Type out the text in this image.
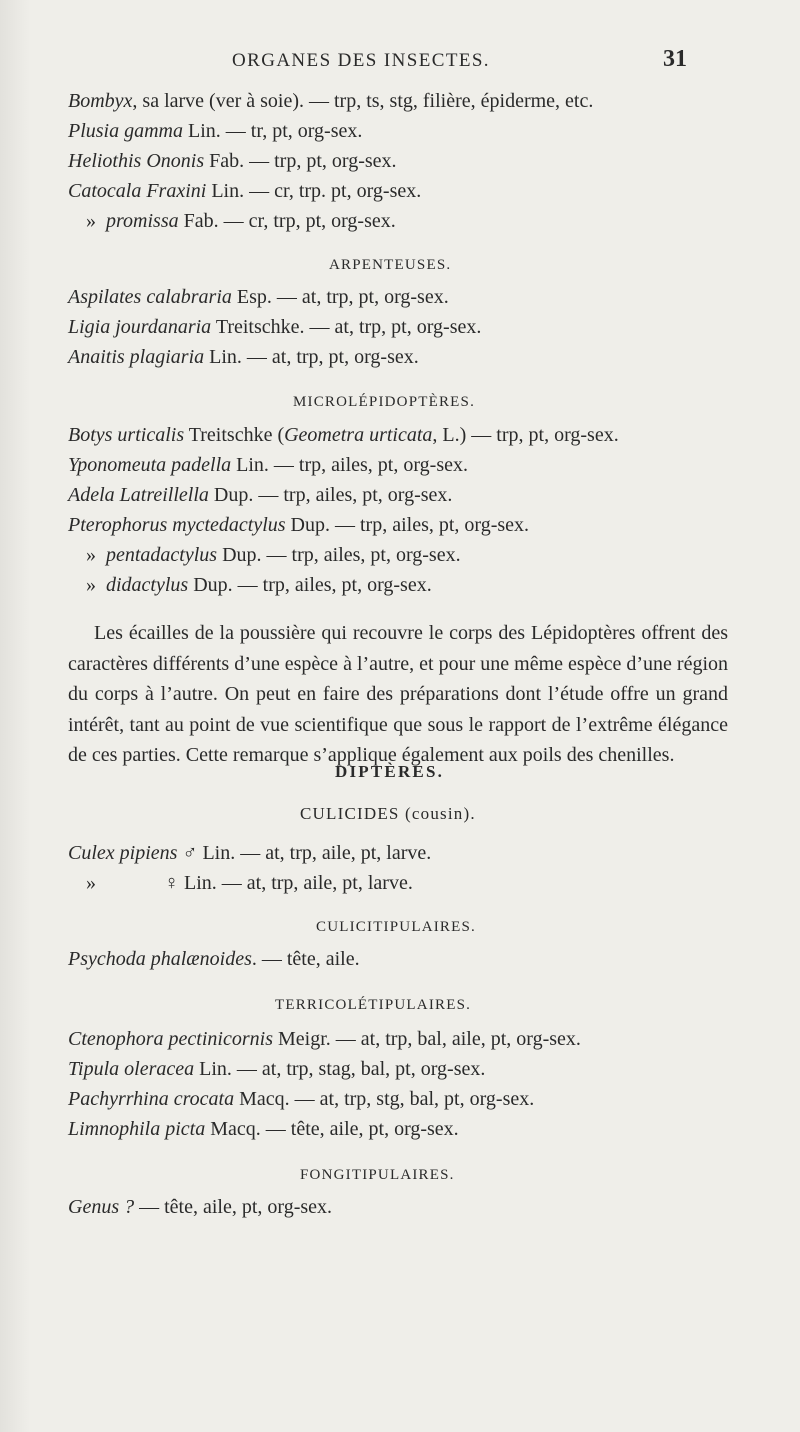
ORGANES DES INSECTES.	31
Bombyx, sa larve (ver à soie). — trp, ts, stg, filière, épiderme, etc.
Plusia gamma Lin. — tr, pt, org-sex.
Heliothis Ononis Fab. — trp, pt, org-sex.
Catocala Fraxini Lin. — cr, trp. pt, org-sex.
» promissa Fab. — cr, trp, pt, org-sex.
ARPENTEUSES.
Aspilates calabraria Esp. — at, trp, pt, org-sex.
Ligia jourdanaria Treitschke. — at, trp, pt, org-sex.
Anaitis plagiaria Lin. — at, trp, pt, org-sex.
MICROLÉPIDOPTÈRES.
Botys urticalis Treitschke (Geometra urticata, L.) — trp, pt, org-sex.
Yponomeuta padella Lin. — trp, ailes, pt, org-sex.
Adela Latreillella Dup. — trp, ailes, pt, org-sex.
Pterophorus myctedactylus Dup. — trp, ailes, pt, org-sex.
» pentadactylus Dup. — trp, ailes, pt, org-sex.
» didactylus Dup. — trp, ailes, pt, org-sex.
Les écailles de la poussière qui recouvre le corps des Lépidoptères offrent des caractères différents d’une espèce à l’autre, et pour une même espèce d’une région du corps à l’autre. On peut en faire des préparations dont l’étude offre un grand intérêt, tant au point de vue scientifique que sous le rapport de l’extrême élégance de ces parties. Cette remarque s’applique également aux poils des chenilles.
DIPTÈRES.
CULICIDES (cousin).
Culex pipiens ♂ Lin. — at, trp, aile, pt, larve.
»	♀ Lin. — at, trp, aile, pt, larve.
CULICITIPULAIRES.
Psychoda phalænoides. — tête, aile.
TERRICOLÉTIPULAIRES.
Ctenophora pectinicornis Meigr. — at, trp, bal, aile, pt, org-sex.
Tipula oleracea Lin. — at, trp, stag, bal, pt, org-sex.
Pachyrrhina crocata Macq. — at, trp, stg, bal, pt, org-sex.
Limnophila picta Macq. — tête, aile, pt, org-sex.
FONGITIPULAIRES.
Genus ? — tête, aile, pt, org-sex.
